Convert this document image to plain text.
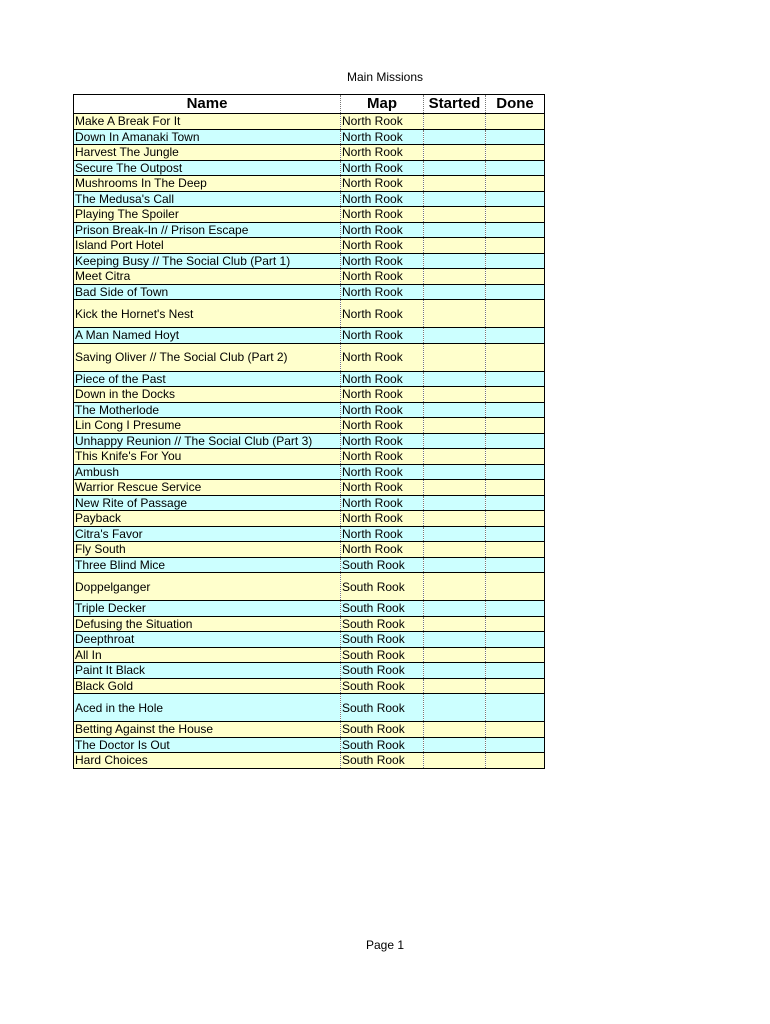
Main Missions
Name	Map	Started	Done
Make A Break For It	North Rook		
Down In Amanaki Town	North Rook		
Harvest The Jungle	North Rook		
Secure The Outpost	North Rook		
Mushrooms In The Deep	North Rook		
The Medusa's Call	North Rook		
Playing The Spoiler	North Rook		
Prison Break-In // Prison Escape	North Rook		
Island Port Hotel	North Rook		
Keeping Busy // The Social Club (Part 1)	North Rook		
Meet Citra	North Rook		
Bad Side of Town	North Rook		
Kick the Hornet's Nest	North Rook		
A Man Named Hoyt	North Rook		
Saving Oliver // The Social Club (Part 2)	North Rook		
Piece of the Past	North Rook		
Down in the Docks	North Rook		
The Motherlode	North Rook		
Lin Cong I Presume	North Rook		
Unhappy Reunion // The Social Club (Part 3)	North Rook		
This Knife's For You	North Rook		
Ambush	North Rook		
Warrior Rescue Service	North Rook		
New Rite of Passage	North Rook		
Payback	North Rook		
Citra's Favor	North Rook		
Fly South	North Rook		
Three Blind Mice	South Rook		
Doppelganger	South Rook		
Triple Decker	South Rook		
Defusing the Situation	South Rook		
Deepthroat	South Rook		
All In	South Rook		
Paint It Black	South Rook		
Black Gold	South Rook		
Aced in the Hole	South Rook		
Betting Against the House	South Rook		
The Doctor Is Out	South Rook		
Hard Choices	South Rook		
Page 1
